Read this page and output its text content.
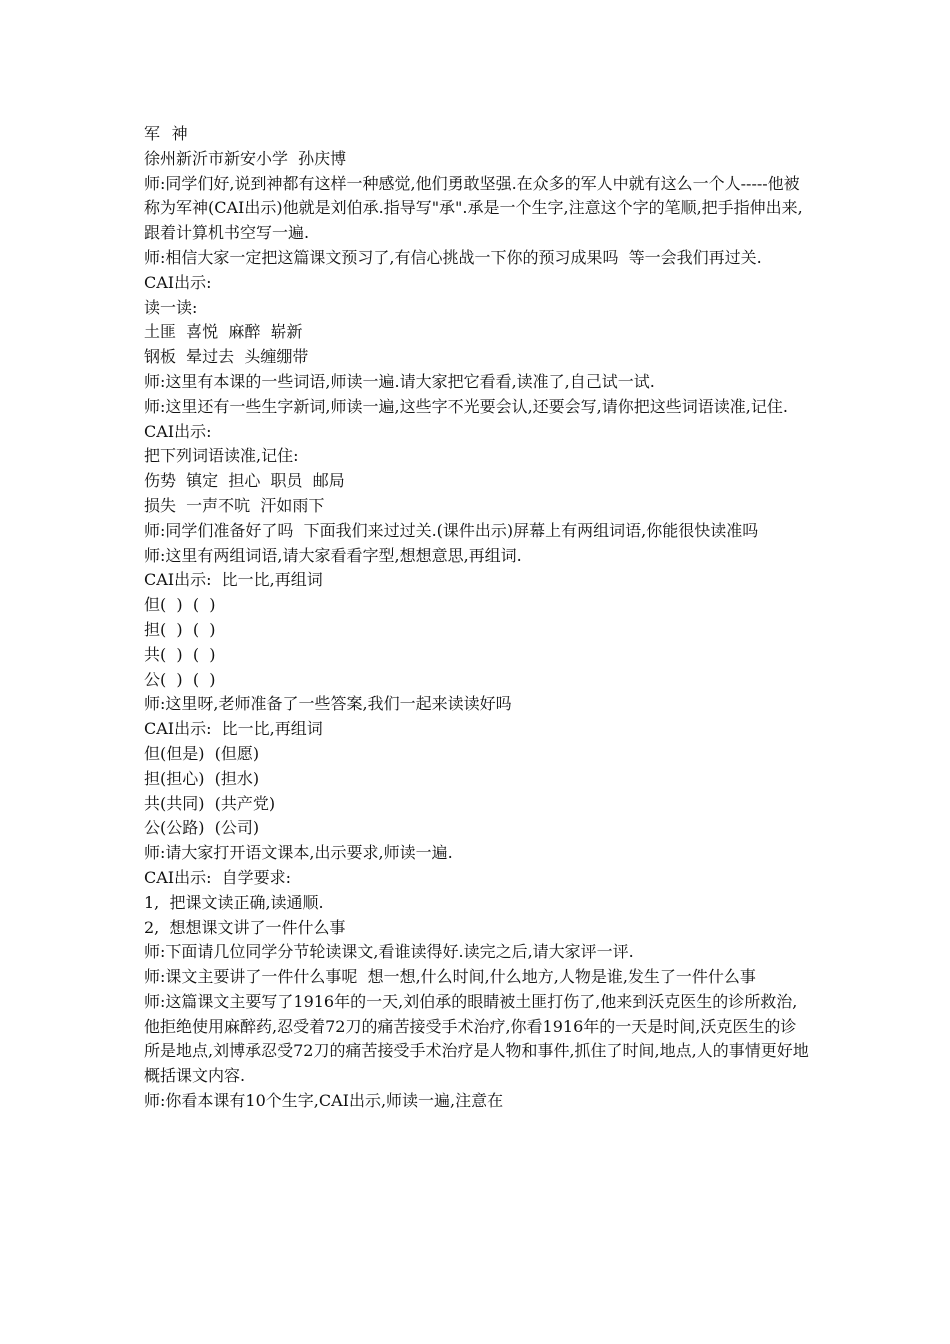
军  神

徐州新沂市新安小学  孙庆博

师:同学们好,说到神都有这样一种感觉,他们勇敢坚强.在众多的军人中就有这么一个人-----他被称为军神(CAI出示)他就是刘伯承.指导写"承".承是一个生字,注意这个字的笔顺,把手指伸出来,跟着计算机书空写一遍.

师:相信大家一定把这篇课文预习了,有信心挑战一下你的预习成果吗  等一会我们再过关.

CAI出示:

读一读:

土匪  喜悦  麻醉  崭新

钢板  晕过去  头缠绷带

师:这里有本课的一些词语,师读一遍.请大家把它看看,读准了,自己试一试.

师:这里还有一些生字新词,师读一遍,这些字不光要会认,还要会写,请你把这些词语读准,记住.

CAI出示:

把下列词语读准,记住:

伤势  镇定  担心  职员  邮局

损失  一声不吭  汗如雨下

师:同学们准备好了吗  下面我们来过过关.(课件出示)屏幕上有两组词语,你能很快读准吗

师:这里有两组词语,请大家看看字型,想想意思,再组词.

CAI出示:  比一比,再组词

但(  )  (  )

担(  )  (  )

共(  )  (  )

公(  )  (  )

师:这里呀,老师准备了一些答案,我们一起来读读好吗

CAI出示:  比一比,再组词

但(但是)  (但愿)

担(担心)  (担水)

共(共同)  (共产党)

公(公路)  (公司)

师:请大家打开语文课本,出示要求,师读一遍.

CAI出示:  自学要求:

1,  把课文读正确,读通顺.

2,  想想课文讲了一件什么事

师:下面请几位同学分节轮读课文,看谁读得好.读完之后,请大家评一评.

师:课文主要讲了一件什么事呢  想一想,什么时间,什么地方,人物是谁,发生了一件什么事

师:这篇课文主要写了1916年的一天,刘伯承的眼睛被土匪打伤了,他来到沃克医生的诊所救治,他拒绝使用麻醉药,忍受着72刀的痛苦接受手术治疗,你看1916年的一天是时间,沃克医生的诊所是地点,刘博承忍受72刀的痛苦接受手术治疗是人物和事件,抓住了时间,地点,人的事情更好地概括课文内容.

师:你看本课有10个生字,CAI出示,师读一遍,注意在
